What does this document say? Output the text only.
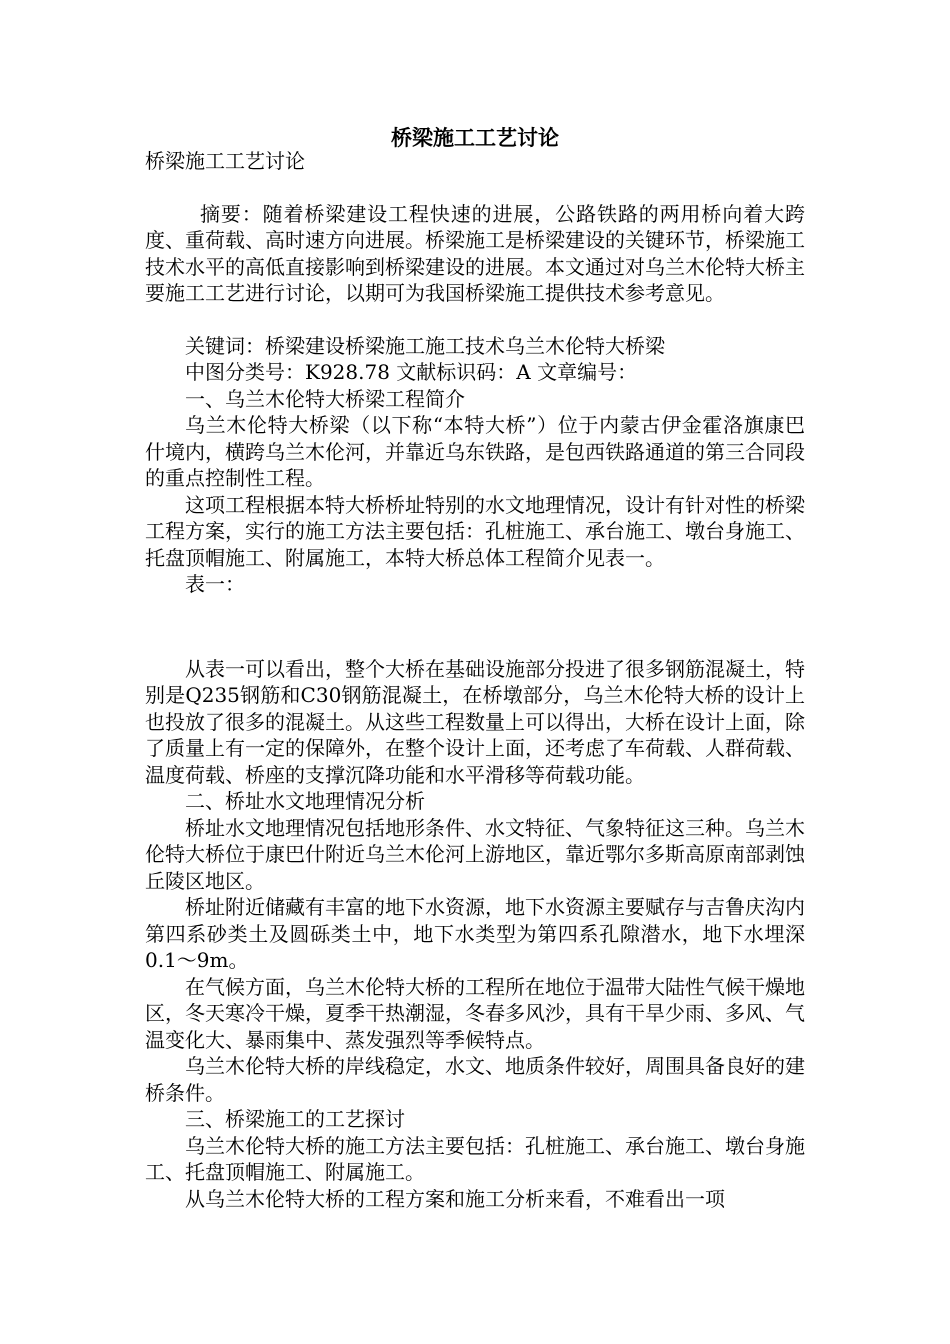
桥梁施工工艺讨论

桥梁施工工艺讨论

摘要：随着桥梁建设工程快速的进展，公路铁路的两用桥向着大跨度、重荷载、高时速方向进展。桥梁施工是桥梁建设的关键环节，桥梁施工技术水平的高低直接影响到桥梁建设的进展。本文通过对乌兰木伦特大桥主要施工工艺进行讨论，以期可为我国桥梁施工提供技术参考意见。

关键词：桥梁建设桥梁施工施工技术乌兰木伦特大桥梁

中图分类号：K928.78 文献标识码：A 文章编号：

一、乌兰木伦特大桥梁工程简介

乌兰木伦特大桥梁（以下称“本特大桥”）位于内蒙古伊金霍洛旗康巴什境内，横跨乌兰木伦河，并靠近乌东铁路，是包西铁路通道的第三合同段的重点控制性工程。

这项工程根据本特大桥桥址特别的水文地理情况，设计有针对性的桥梁工程方案，实行的施工方法主要包括：孔桩施工、承台施工、墩台身施工、托盘顶帽施工、附属施工，本特大桥总体工程简介见表一。

表一：

从表一可以看出，整个大桥在基础设施部分投进了很多钢筋混凝土，特别是Q235钢筋和C30钢筋混凝土，在桥墩部分，乌兰木伦特大桥的设计上也投放了很多的混凝土。从这些工程数量上可以得出，大桥在设计上面，除了质量上有一定的保障外，在整个设计上面，还考虑了车荷载、人群荷载、温度荷载、桥座的支撑沉降功能和水平滑移等荷载功能。

二、桥址水文地理情况分析

桥址水文地理情况包括地形条件、水文特征、气象特征这三种。乌兰木伦特大桥位于康巴什附近乌兰木伦河上游地区，靠近鄂尔多斯高原南部剥蚀丘陵区地区。

桥址附近储藏有丰富的地下水资源，地下水资源主要赋存与吉鲁庆沟内第四系砂类土及圆砾类土中，地下水类型为第四系孔隙潜水，地下水埋深0.1～9m。

在气候方面，乌兰木伦特大桥的工程所在地位于温带大陆性气候干燥地区，冬天寒冷干燥，夏季干热潮湿，冬春多风沙，具有干旱少雨、多风、气温变化大、暴雨集中、蒸发强烈等季候特点。

乌兰木伦特大桥的岸线稳定，水文、地质条件较好，周围具备良好的建桥条件。

三、桥梁施工的工艺探讨

乌兰木伦特大桥的施工方法主要包括：孔桩施工、承台施工、墩台身施工、托盘顶帽施工、附属施工。

从乌兰木伦特大桥的工程方案和施工分析来看，不难看出一项
